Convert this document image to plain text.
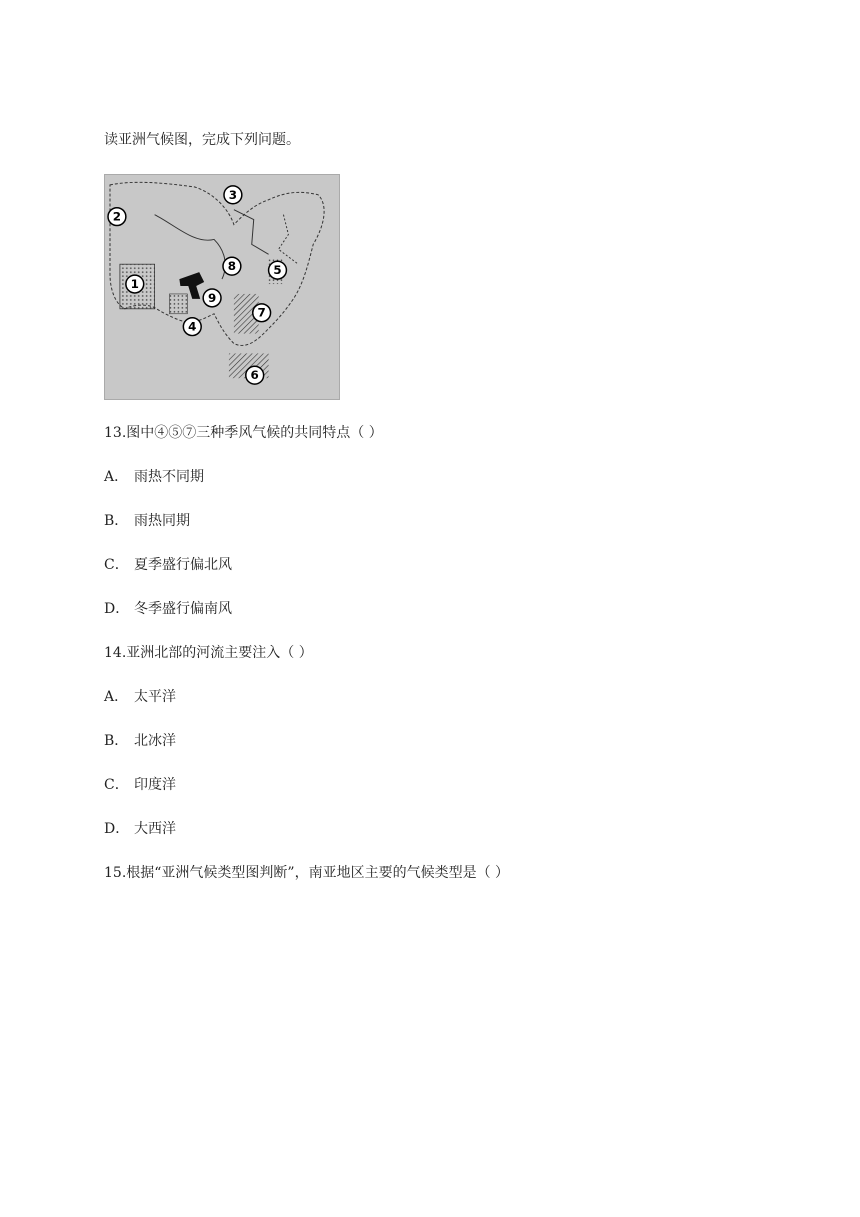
读亚洲气候图，完成下列问题。
1
2
3
4
5
6
7
8
9
13.图中④⑤⑦三种季风气候的共同特点（ ）
A． 雨热不同期
B． 雨热同期
C． 夏季盛行偏北风
D． 冬季盛行偏南风
14.亚洲北部的河流主要注入（ ）
A． 太平洋
B． 北冰洋
C． 印度洋
D． 大西洋
15.根据“亚洲气候类型图判断”，南亚地区主要的气候类型是（ ）
